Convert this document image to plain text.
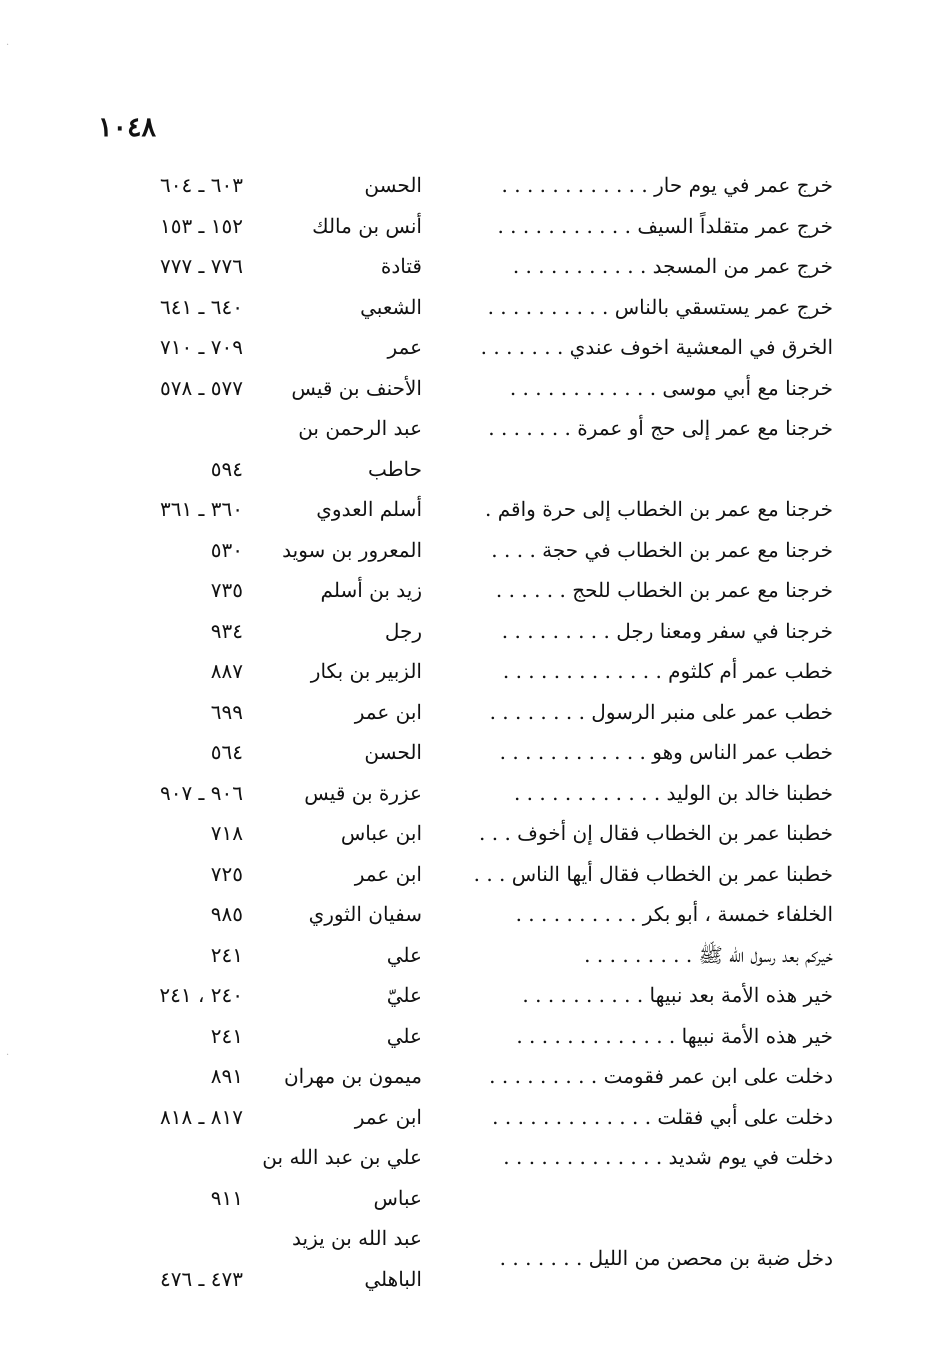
١٠٤٨
خرج عمر في يوم حار . . . . . . . . . . . .
الحسن
٦٠٣ ـ ٦٠٤
خرج عمر متقلداً السيف . . . . . . . . . . .
أنس بن مالك
١٥٢ ـ ١٥٣
خرج عمر من المسجد . . . . . . . . . . .
قتادة
٧٧٦ ـ ٧٧٧
خرج عمر يستسقي بالناس . . . . . . . . . .
الشعبي
٦٤٠ ـ ٦٤١
الخرق في المعشية اخوف عندي . . . . . . .
عمر
٧٠٩ ـ ٧١٠
خرجنا مع أبي موسى . . . . . . . . . . . .
الأحنف بن قيس
٥٧٧ ـ ٥٧٨
خرجنا مع عمر إلى حج أو عمرة . . . . . . .
عبد الرحمن بن
حاطب
٥٩٤
خرجنا مع عمر بن الخطاب إلى حرة واقم .
أسلم العدوي
٣٦٠ ـ ٣٦١
خرجنا مع عمر بن الخطاب في حجة . . . .
المعرور بن سويد
٥٣٠
خرجنا مع عمر بن الخطاب للحج . . . . . .
زيد بن أسلم
٧٣٥
خرجنا في سفر ومعنا رجل . . . . . . . . .
رجل
٩٣٤
خطب عمر أم كلثوم . . . . . . . . . . . . .
الزبير بن بكار
٨٨٧
خطب عمر على منبر الرسول . . . . . . . .
ابن عمر
٦٩٩
خطب عمر الناس وهو . . . . . . . . . . . .
الحسن
٥٦٤
خطبنا خالد بن الوليد . . . . . . . . . . . .
عزرة بن قيس
٩٠٦ ـ ٩٠٧
خطبنا عمر بن الخطاب فقال إن أخوف . . .
ابن عباس
٧١٨
خطبنا عمر بن الخطاب فقال أيها الناس . . .
ابن عمر
٧٢٥
الخلفاء خمسة ، أبو بكر . . . . . . . . . .
سفيان الثوري
٩٨٥
خيركم بعد رسول الله ﷺ . . . . . . . . .
علي
٢٤١
خير هذه الأمة بعد نبيها . . . . . . . . . .
عليّ
٢٤٠ ، ٢٤١
خير هذه الأمة نبيها . . . . . . . . . . . . .
علي
٢٤١
دخلت على ابن عمر فقومت . . . . . . . . .
ميمون بن مهران
٨٩١
دخلت على أبي فقلت . . . . . . . . . . . . .
ابن عمر
٨١٧ ـ ٨١٨
دخلت في يوم شديد . . . . . . . . . . . . .
علي بن عبد الله بن
عباس
٩١١
عبد الله بن يزيد
دخل ضبة بن محصن من الليل . . . . . . .
الباهلي
٤٧٣ ـ ٤٧٦
·
·
